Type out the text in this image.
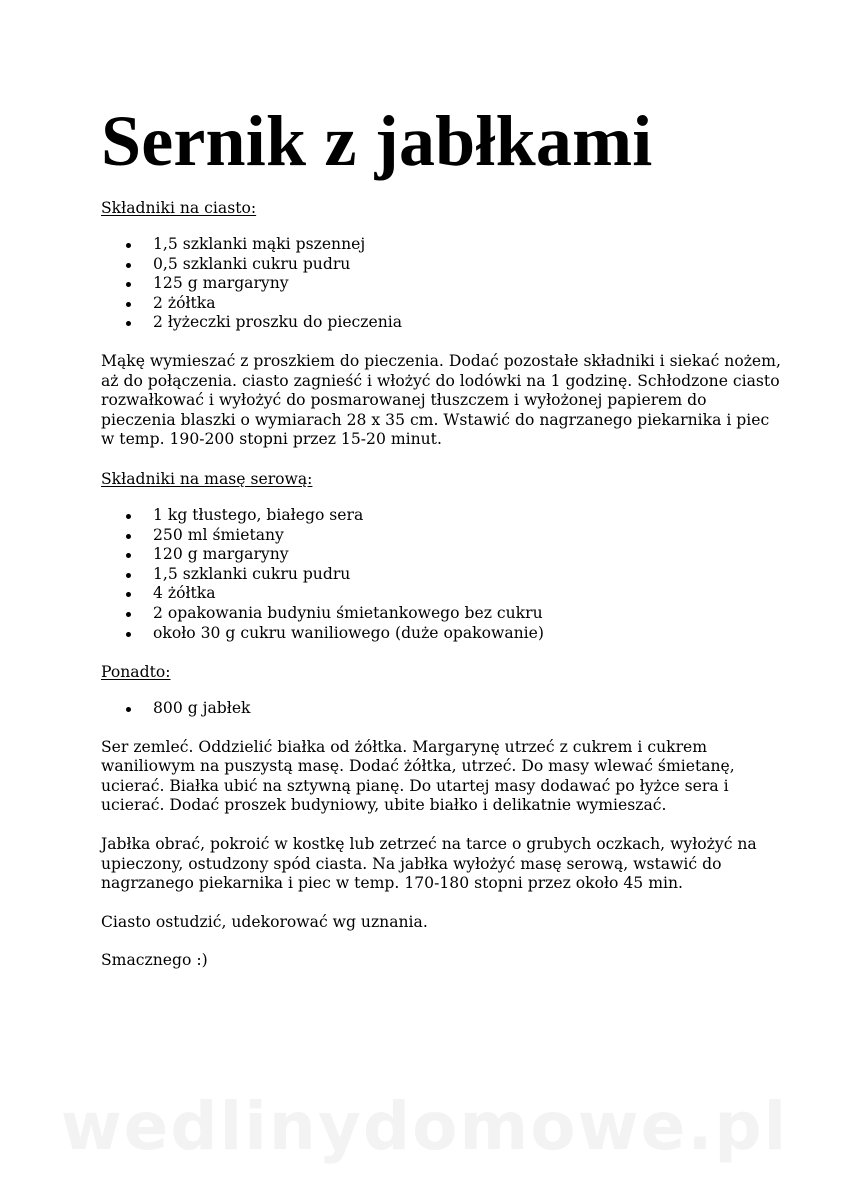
Sernik z jabłkami
Składniki na ciasto:
1,5 szklanki mąki pszennej
0,5 szklanki cukru pudru
125 g margaryny
2 żółtka
2 łyżeczki proszku do pieczenia

Mąkę wymieszać z proszkiem do pieczenia. Dodać pozostałe składniki i siekać nożem, aż do połączenia. ciasto zagnieść i włożyć do lodówki na 1 godzinę. Schłodzone ciasto rozwałkować i wyłożyć do posmarowanej tłuszczem i wyłożonej papierem do pieczenia blaszki o wymiarach 28 x 35 cm. Wstawić do nagrzanego piekarnika i piec w temp. 190-200 stopni przez 15-20 minut.

Składniki na masę serową:
1 kg tłustego, białego sera
250 ml śmietany
120 g margaryny
1,5 szklanki cukru pudru
4 żółtka
2 opakowania budyniu śmietankowego bez cukru
około 30 g cukru waniliowego (duże opakowanie)
Ponadto:
800 g jabłek

Ser zemleć. Oddzielić białka od żółtka. Margarynę utrzeć z cukrem i cukrem waniliowym na puszystą masę. Dodać żółtka, utrzeć. Do masy wlewać śmietanę, ucierać. Białka ubić na sztywną pianę. Do utartej masy dodawać po łyżce sera i ucierać. Dodać proszek budyniowy, ubite białko i delikatnie wymieszać.

Jabłka obrać, pokroić w kostkę lub zetrzeć na tarce o grubych oczkach, wyłożyć na upieczony, ostudzony spód ciasta. Na jabłka wyłożyć masę serową, wstawić do nagrzanego piekarnika i piec w temp. 170-180 stopni przez około 45 min.

Ciasto ostudzić, udekorować wg uznania.

Smacznego :)

wedlinydomowe.pl
